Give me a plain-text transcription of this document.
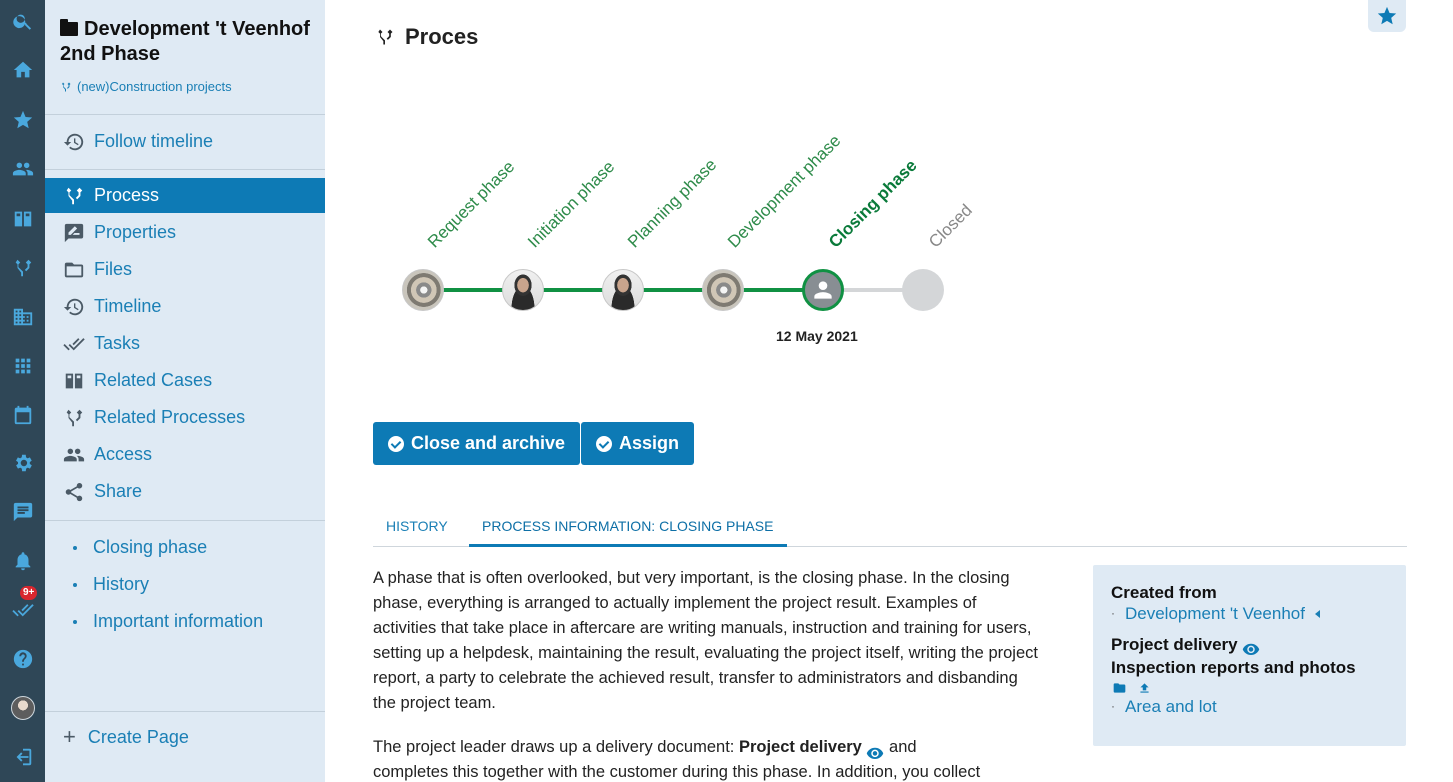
9+
Development 't Veenhof 2nd Phase
(new)Construction projects
Follow timeline
Process
Properties
Files
Timeline
Tasks
Related Cases
Related Processes
Access
Share
Closing phase
History
Important information
+ Create Page
Proces
Request phase Initiation phase Planning phase Development phase
Closing phase Closed
12 May 2021
Close and archive	Assign
HISTORY PROCESS INFORMATION: CLOSING PHASE
A phase that is often overlooked, but very important, is the closing phase. In the closing phase, everything is arranged to actually implement the project result. Examples of activities that take place in aftercare are writing manuals, instruction and training for users, setting up a helpdesk, maintaining the result, evaluating the project itself, writing the project report, a party to celebrate the achieved result, transfer to administrators and disbanding the project team.
The project leader draws up a delivery document: Project delivery  and
completes this together with the customer during this phase. In addition, you collect
Created from
· Development 't Veenhof
Project delivery
Inspection reports and photos
· Area and lot
